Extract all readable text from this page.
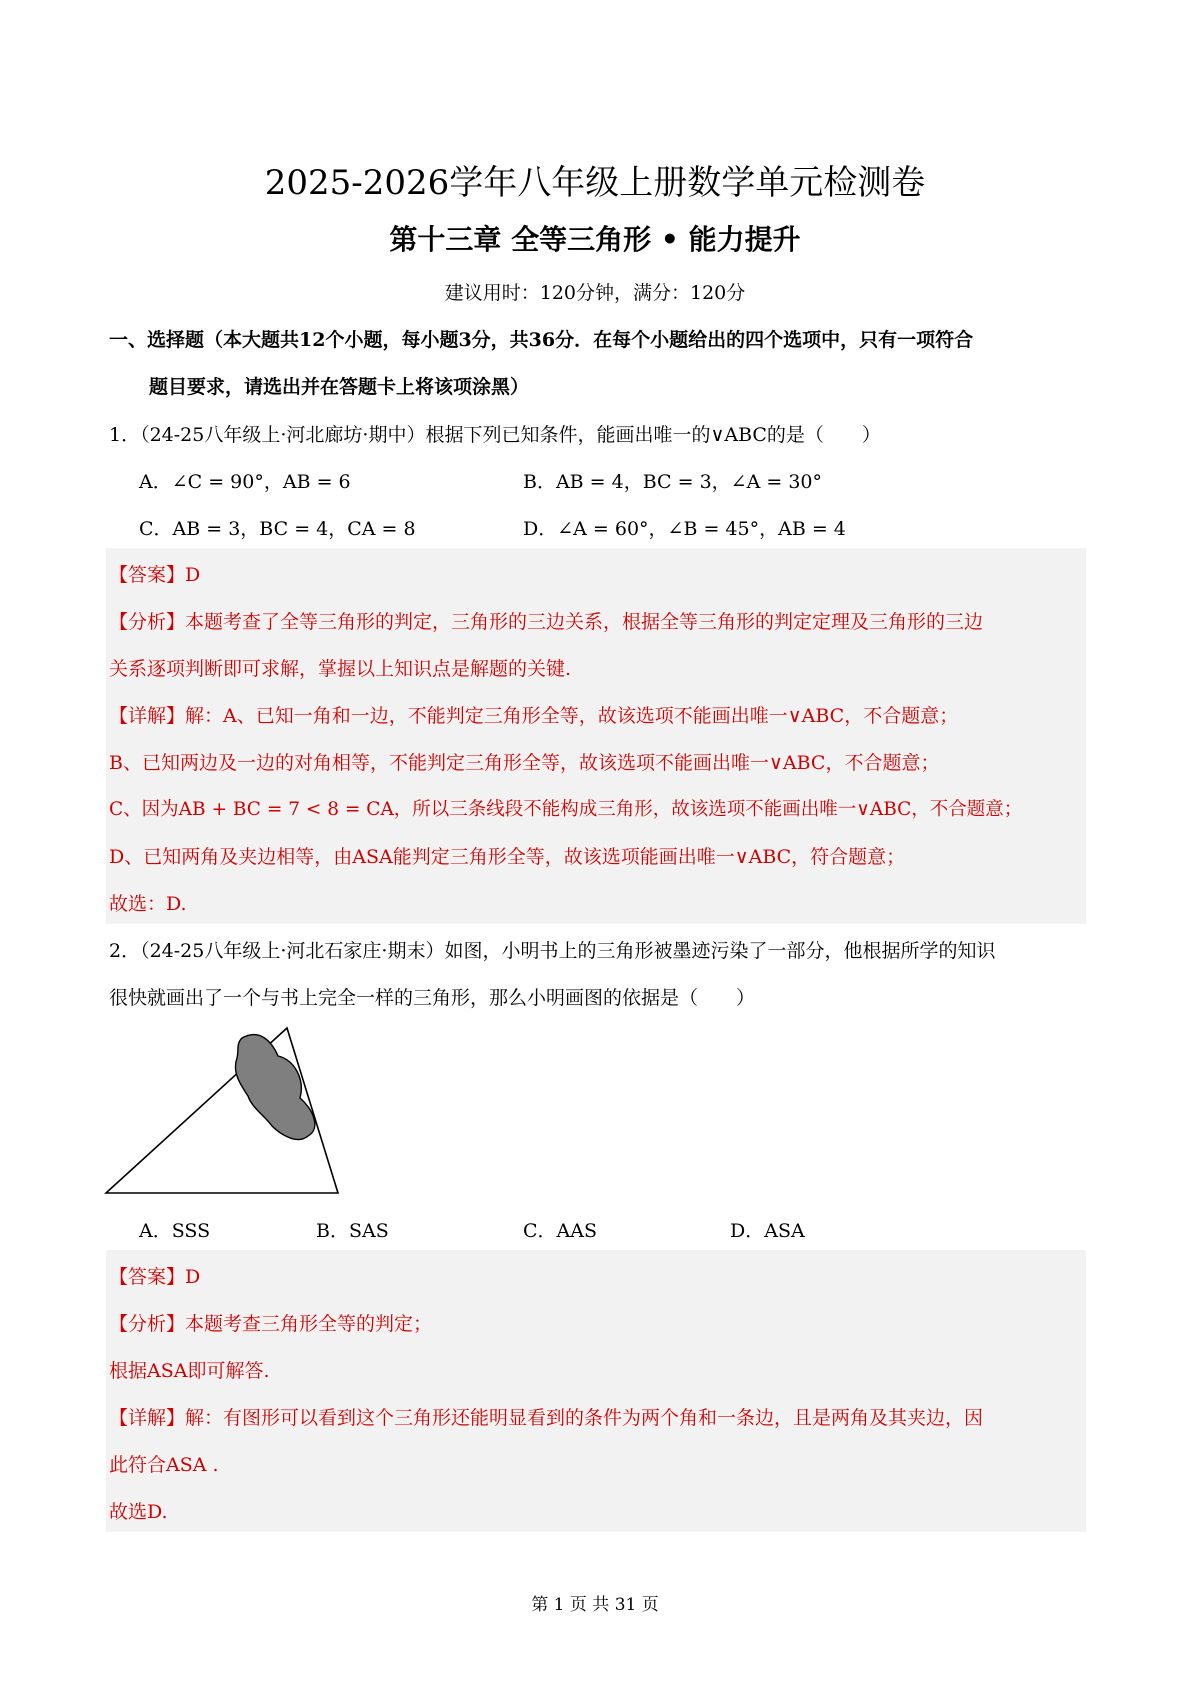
2025-2026学年八年级上册数学单元检测卷
第十三章 全等三角形 • 能力提升
建议用时：120分钟，满分：120分
一、选择题（本大题共12个小题，每小题3分，共36分．在每个小题给出的四个选项中，只有一项符合
题目要求，请选出并在答题卡上将该项涂黑）
1．（24-25八年级上·河北廊坊·期中）根据下列已知条件，能画出唯一的∨ABC的是（　　）
A．∠C = 90°，AB = 6	B．AB = 4，BC = 3，∠A = 30°
C．AB = 3，BC = 4，CA = 8	D．∠A = 60°，∠B = 45°，AB = 4
【答案】D
【分析】本题考查了全等三角形的判定，三角形的三边关系，根据全等三角形的判定定理及三角形的三边
关系逐项判断即可求解，掌握以上知识点是解题的关键.
【详解】解：A、已知一角和一边，不能判定三角形全等，故该选项不能画出唯一∨ABC，不合题意；
B、已知两边及一边的对角相等，不能判定三角形全等，故该选项不能画出唯一∨ABC，不合题意；
C、因为AB + BC = 7 < 8 = CA，所以三条线段不能构成三角形，故该选项不能画出唯一∨ABC，不合题意；
D、已知两角及夹边相等，由ASA能判定三角形全等，故该选项能画出唯一∨ABC，符合题意；
故选：D.
2．（24-25八年级上·河北石家庄·期末）如图，小明书上的三角形被墨迹污染了一部分，他根据所学的知识
很快就画出了一个与书上完全一样的三角形，那么小明画图的依据是（　　）
A．SSS	B．SAS	C．AAS	D．ASA
【答案】D
【分析】本题考查三角形全等的判定；
根据ASA即可解答.
【详解】解：有图形可以看到这个三角形还能明显看到的条件为两个角和一条边，且是两角及其夹边，因
此符合ASA .
故选D.
第 1 页 共 31 页
